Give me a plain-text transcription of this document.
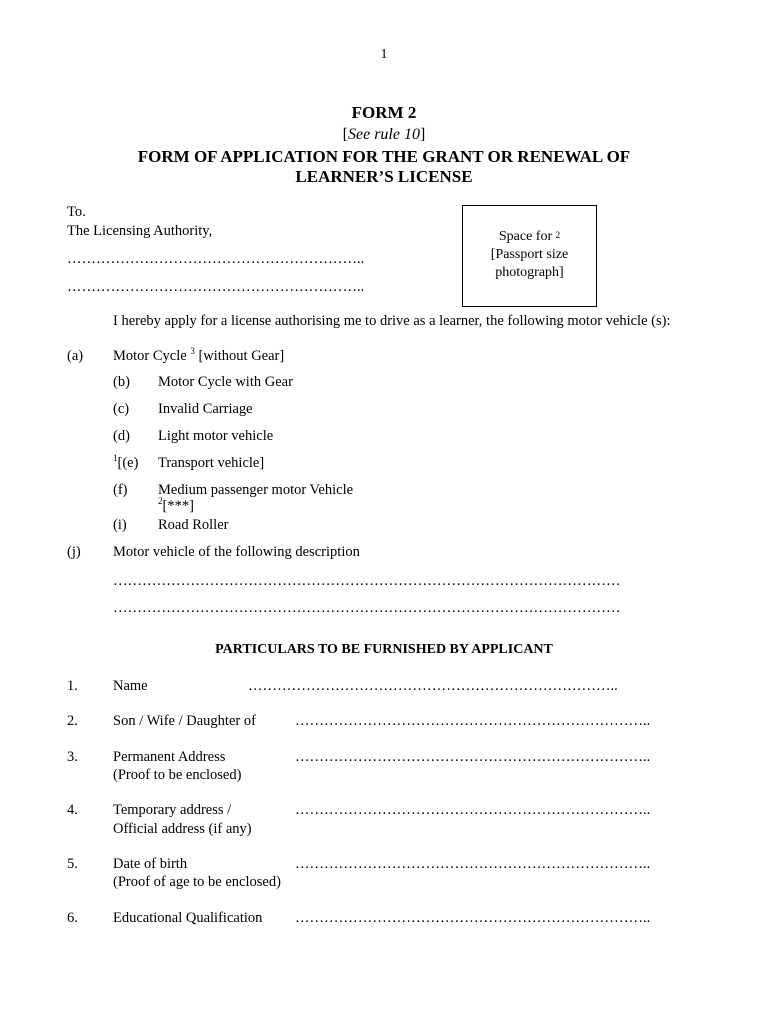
1
FORM 2
[See rule 10]
FORM OF APPLICATION FOR THE GRANT OR RENEWAL OF
LEARNER’S LICENSE
To.
The Licensing Authority,
……………………………………………………..
……………………………………………………..
Space for $^2$
[Passport size
photograph]
I hereby apply for a license authorising me to drive as a learner, the following motor vehicle (s):
(a) Motor Cycle $^3$ [without Gear]
(b) Motor Cycle with Gear
(c) Invalid Carriage
(d) Light motor vehicle
$^1$[(e) Transport vehicle]
(f) Medium passenger motor Vehicle
$^2$[***]
(i) Road Roller
(j) Motor vehicle of the following description
……………………………………………………………………………………………
……………………………………………………………………………………………
PARTICULARS TO BE FURNISHED BY APPLICANT
1. Name	…………………………………………………………………..
2. Son / Wife / Daughter of	………………………………………………………………..
3. Permanent Address
(Proof to be enclosed)
………………………………………………………………..
4. Temporary address /
Official address (if any)
………………………………………………………………..
5. Date of birth
(Proof of age to be enclosed)
………………………………………………………………..
6. Educational Qualification ………………………………………………………………..
